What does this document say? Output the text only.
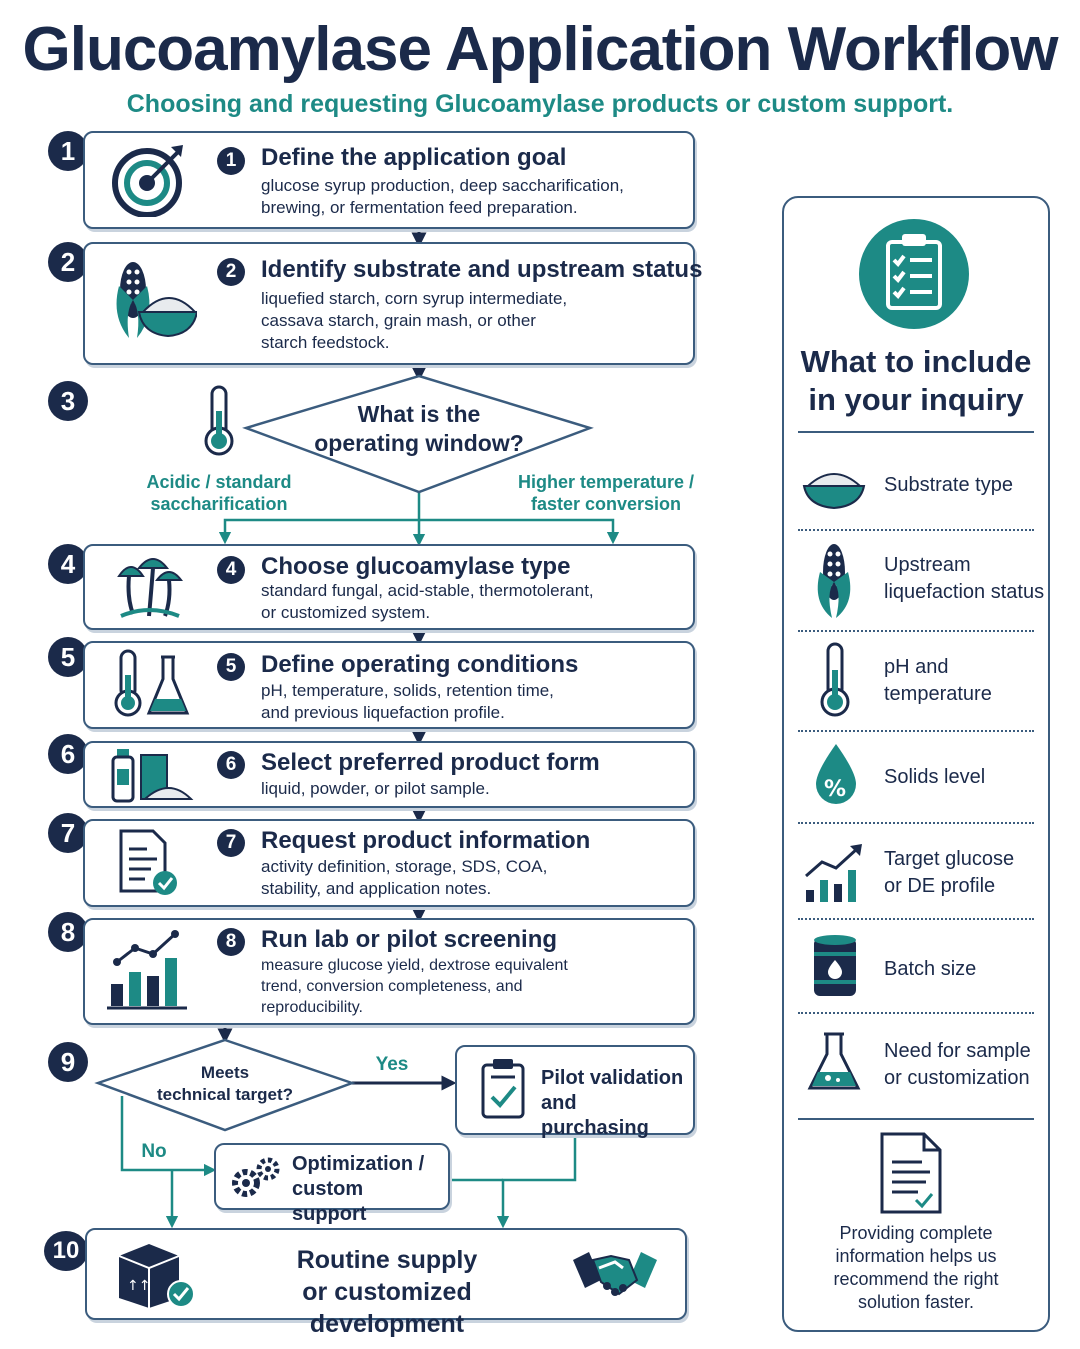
Glucoamylase Application Workflow
Choosing and requesting Glucoamylase products or custom support.
1
2
3
4
5
6
7
8
9
10
1	Define the application goal
glucose syrup production, deep saccharification,
brewing, or fermentation feed preparation.
2	Identify substrate and upstream status
liquefied starch, corn syrup intermediate,
cassava starch, grain mash, or other
starch feedstock.
What is the
operating window?
Acidic / standard
saccharification
Higher temperature /
faster conversion
4	Choose glucoamylase type
standard fungal, acid-stable, thermotolerant,
or customized system.
5	Define operating conditions
pH, temperature, solids, retention time,
and previous liquefaction profile.
6	Select preferred product form
liquid, powder, or pilot sample.
7	Request product information
activity definition, storage, SDS, COA,
stability, and application notes.
8	Run lab or pilot screening
measure glucose yield, dextrose equivalent
trend, conversion completeness, and
reproducibility.
Meets
technical target?
Yes
No
Pilot validation
and purchasing
Optimization /
custom support
↑↑
Routine supply
or customized development
What to include
in your inquiry
Substrate type
Upstream
liquefaction status
pH and
temperature
% Solids level
Target glucose
or DE profile
Batch size
Need for sample
or customization
Providing complete
information helps us
recommend the right
solution faster.
